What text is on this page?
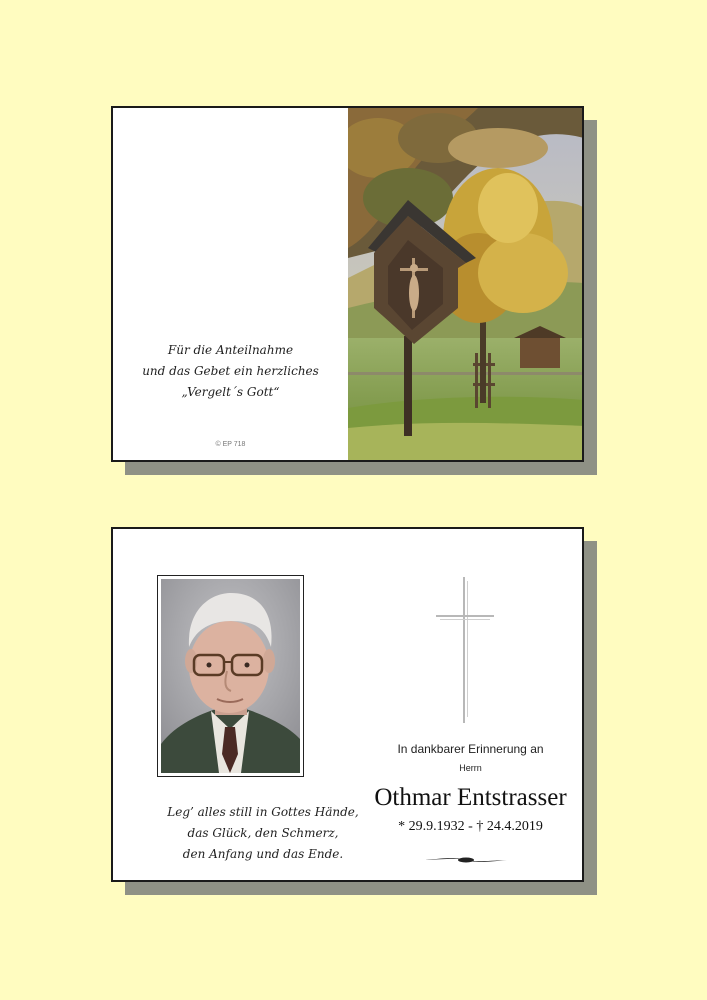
Für die Anteilnahme
und das Gebet ein herzliches
„Vergelt´s Gott“
© EP 718
Leg’ alles still in Gottes Hände,
das Glück, den Schmerz,
den Anfang und das Ende.
In dankbarer Erinnerung an
Herrn
Othmar Entstrasser
* 29.9.1932 - † 24.4.2019
